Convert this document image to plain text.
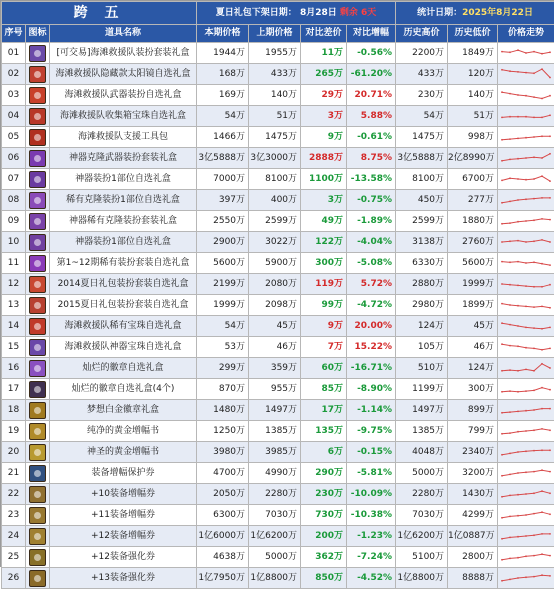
跨 五			夏日礼包下架日期： 8月28日 剩余 6天				统计日期：2025年8月22日		
序号	图标	道具名称	本期价格	上期价格	对比差价	对比增幅	历史高价	历史低价	价格走势
01		[可交易]海滩救援队装扮套装礼盒	1944万	1955万	11万	-0.56%	2200万	1849万	

02		海滩救援队隐藏款太阳镜自选礼盒	168万	433万	265万	-61.20%	433万	120万	

03		海滩救援队武器装扮自选礼盒	169万	140万	29万	20.71%	230万	140万	

04		海滩救援队收集箱宝珠自选礼盒	54万	51万	3万	5.88%	54万	51万	

05		海滩救援队支援工具包	1466万	1475万	9万	-0.61%	1475万	998万	

06		神器克隆武器装扮套装礼盒	3亿5888万	3亿3000万	2888万	8.75%	3亿5888万	2亿8990万	

07		神器装扮1部位自选礼盒	7000万	8100万	1100万	-13.58%	8100万	6700万	

08		稀有克隆装扮1部位自选礼盒	397万	400万	3万	-0.75%	450万	277万	

09		神器稀有克隆装扮套装礼盒	2550万	2599万	49万	-1.89%	2599万	1880万	

10		神器装扮1部位自选礼盒	2900万	3022万	122万	-4.04%	3138万	2760万	

11		第1~12期稀有装扮套装自选礼盒	5600万	5900万	300万	-5.08%	6330万	5600万	

12		2014夏日礼包装扮套装自选礼盒	2199万	2080万	119万	5.72%	2880万	1999万	

13		2015夏日礼包装扮套装自选礼盒	1999万	2098万	99万	-4.72%	2980万	1899万	

14		海滩救援队稀有宝珠自选礼盒	54万	45万	9万	20.00%	124万	45万	

15		海滩救援队神器宝珠自选礼盒	53万	46万	7万	15.22%	105万	46万	

16		灿烂的徽章自选礼盒	299万	359万	60万	-16.71%	510万	124万	

17		灿烂的徽章自选礼盒(4个)	870万	955万	85万	-8.90%	1199万	300万	

18		梦想白金徽章礼盒	1480万	1497万	17万	-1.14%	1497万	899万	

19		纯净的黄金增幅书	1250万	1385万	135万	-9.75%	1385万	799万	

20		神圣的黄金增幅书	3980万	3985万	6万	-0.15%	4048万	2340万	

21		装备增幅保护券	4700万	4990万	290万	-5.81%	5000万	3200万	

22		+10装备增幅券	2050万	2280万	230万	-10.09%	2280万	1430万	

23		+11装备增幅券	6300万	7030万	730万	-10.38%	7030万	4299万	

24		+12装备增幅券	1亿6000万	1亿6200万	200万	-1.23%	1亿6200万	1亿0887万	

25		+12装备强化券	4638万	5000万	362万	-7.24%	5100万	2800万	

26		+13装备强化券	1亿7950万	1亿8800万	850万	-4.52%	1亿8800万	8888万	
